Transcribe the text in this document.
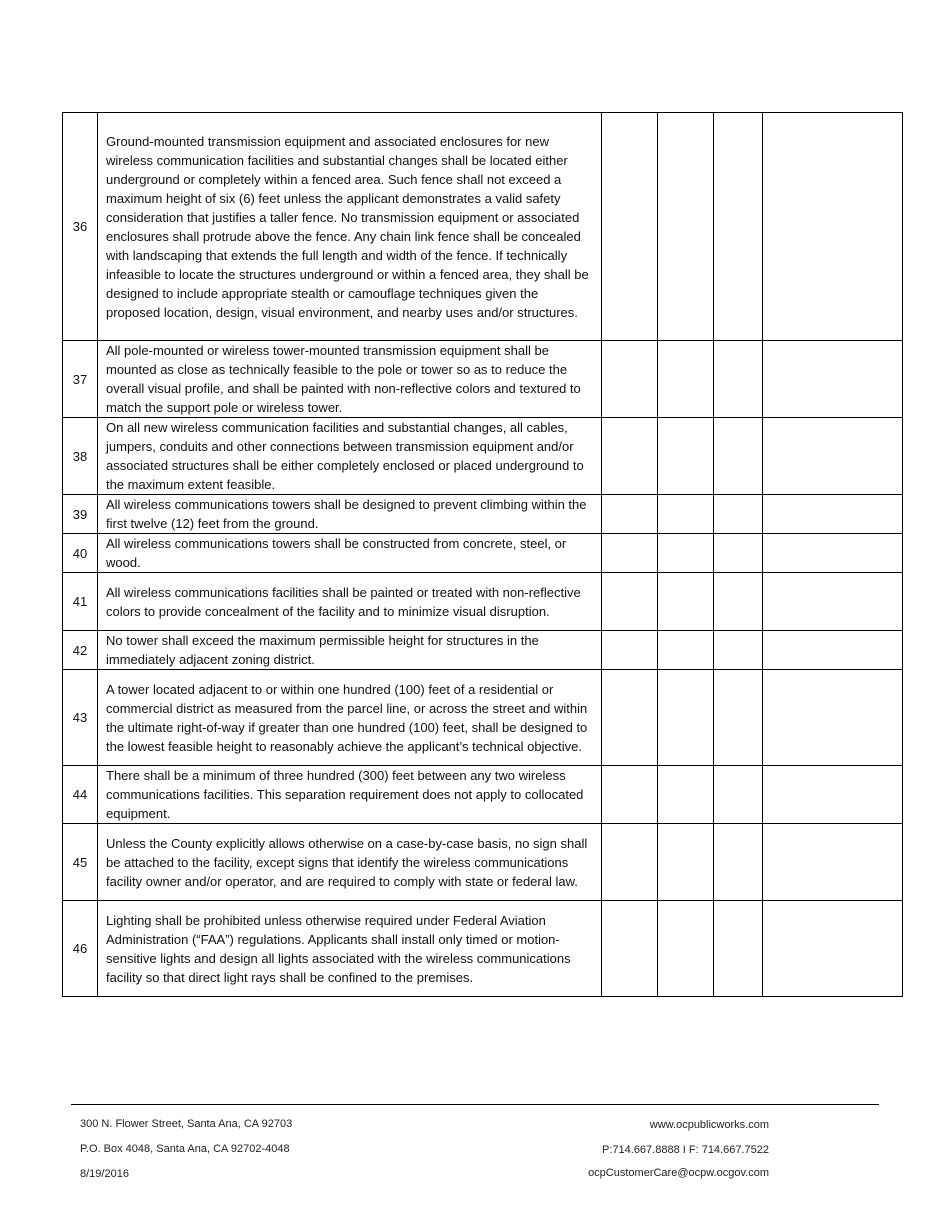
36	Ground-mounted transmission equipment and associated enclosures for new wireless communication facilities and substantial changes shall be located either underground or completely within a fenced area. Such fence shall not exceed a maximum height of six (6) feet unless the applicant demonstrates a valid safety consideration that justifies a taller fence. No transmission equipment or associated enclosures shall protrude above the fence. Any chain link fence shall be concealed with landscaping that extends the full length and width of the fence. If technically infeasible to locate the structures underground or within a fenced area, they shall be designed to include appropriate stealth or camouflage techniques given the proposed location, design, visual environment, and nearby uses and/or structures.				
37	All pole-mounted or wireless tower-mounted transmission equipment shall be mounted as close as technically feasible to the pole or tower so as to reduce the overall visual profile, and shall be painted with non-reflective colors and textured to match the support pole or wireless tower.				
38	On all new wireless communication facilities and substantial changes, all cables, jumpers, conduits and other connections between transmission equipment and/or associated structures shall be either completely enclosed or placed underground to the maximum extent feasible.				
39	All wireless communications towers shall be designed to prevent climbing within the first twelve (12) feet from the ground.				
40	All wireless communications towers shall be constructed from concrete, steel, or wood.				
41	All wireless communications facilities shall be painted or treated with non-reflective colors to provide concealment of the facility and to minimize visual disruption.				
42	No tower shall exceed the maximum permissible height for structures in the immediately adjacent zoning district.				
43	A tower located adjacent to or within one hundred (100) feet of a residential or commercial district as measured from the parcel line, or across the street and within the ultimate right-of-way if greater than one hundred (100) feet, shall be designed to the lowest feasible height to reasonably achieve the applicant’s technical objective.				
44	There shall be a minimum of three hundred (300) feet between any two wireless communications facilities. This separation requirement does not apply to collocated equipment.				
45	Unless the County explicitly allows otherwise on a case-by-case basis, no sign shall be attached to the facility, except signs that identify the wireless communications facility owner and/or operator, and are required to comply with state or federal law.				
46	Lighting shall be prohibited unless otherwise required under Federal Aviation Administration (“FAA”) regulations. Applicants shall install only timed or motion-sensitive lights and design all lights associated with the wireless communications facility so that direct light rays shall be confined to the premises.				
300 N. Flower Street, Santa Ana, CA 92703
P.O. Box 4048, Santa Ana, CA 92702-4048
8/19/2016
www.ocpublicworks.com
P:714.667.8888 I F: 714.667.7522
ocpCustomerCare@ocpw.ocgov.com
